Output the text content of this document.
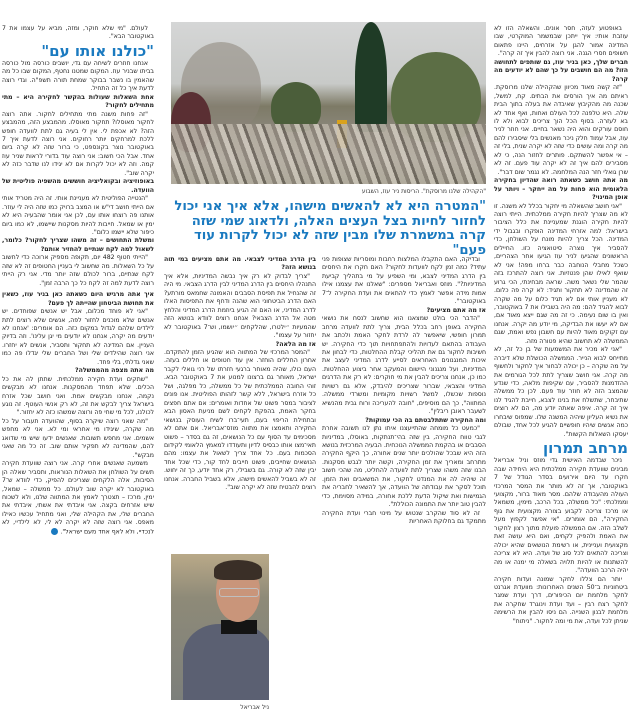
באופטוע לעזה, חסר אונים. והשאלה הזו לא עוזבת אותי: איך ייתכן שבמשמר המוקרטי, שבו המדינה אמור להגן על אזרחים, היינו פתאום חשופים חסרי הגנה. אני רוצה להבין איך זה קרה".

חברים שלך, כאן בניר עוז, גם שותפים לתחושה הזו? מה הם חושבים על כך שהם לא יודעים מה קרה?

"זה קשה מאוד מכיוון שהקהילה שלנו מרוסקת. ראיתם מה איך הורסים את הבתים. קח, למשל, שכנה מה מהקיבוץ שאיבדה את בעלה בתוך הבית שלה. היא טלפנה לכל העולם ואחות, ואף אחד לא בא לעזרה. בסוף הכל הוך צריכים לבוא ולא לו חוסם עורקים והוא היה נשאר בחיים. אני חוזר לניר עוז, אבל עמוד חלק ניכר מאנשים בלי שיסבירו להם מה קרה ומה עושים כדי שזה לא יקרה שנית, בלי זה – אי אפשר להשתקם. פותרים לחזור הנה, כי לא מסבירים להם איך זה לא יקרה עוד פעם. זה לא שרן גואלי חזר הנה המלחמה. לא נגמר שום דבר".

מה אתה חושב כשאתה רואה שהדיון בחקירה הלאומית הוא פחות על מה ייחקר – ויותר על אופן המינוי?

"אני חושב שהשאלה מי יחקור בכלל לא משנה. זו לא מה שצריך להיות חקירה ממלכתית. הייתי רוצה להיות חקירה הוגנת שמעניינת את כלל הציבור בישראל: למה אזרחי המדינה הופקרו ובגבול ידי המדינה. הכל צריך להיות מונח על השולחן, כדי להסביר איך נוצרה סיטואציה כזו. החיילים הראשונים שהגיעו לניר עוז הגיעו אחר הצהריים, כשכל מחבלי הנוחבה כבר ברחו מפה! אני לא שואף לאילו שהן פנטזיות. אני רוצה להתרכז בזה שהמר שלי נשאר משה. שראה מבחינתי, הכי גרוע זה שהמדינה לא תחקור ותגיד: לא קרה פה כלום. לא מעניין אותי אם לא תגיד כלום על מה שקרה לבוא להגיד להם: מה היה בשבילו את 7 באוקטובר, ואין בו שום נעימה. כי זה מה שגם ייצא מאוד אם, אם לא יעשו את הבדיקה, מי יודע מה יקרה. אנחנו עם זקוקים מאוד להיות עם חשבון נפש ואמת, שגם הממשלה לא תחשוב שהיא פטורה מזה.

"אני לא מכיר את המשמעות של בן כל זה, לא מתייחס לבוא הנייר. הממשלה הכושלת שלא דיברה על מה שקרה – כן יכולה לבחור איך לחקור ולחשוף מה קרה. אני חושב שצריך לתת לכל הגורמים את ההזדמנות להסביר, עם שקיפות מלאה, כדי שנדע שהמצב הזה לא חוזר עוד פעם. לכן כל ממשלה שתיבחר, שתשלח את בנינו לצבא, חייבת להגיד לנו איך זה קרה. איפה שאתה יודע מה, הם לא רוצים את נשיא העליון שיהיה המשנה שלו. שמפוס שיבחרו כמה אנשים שיהיו חופשיים להגיע לכל אחד, שבולם יעסקו השאלות הקשות".

מרחב תמרון

ניכר שבדמה האישית גדי מוזס וניל אבריאל מבינים שוועדת חקירה ממלכתית היא היחידה שבה חקרו עד היום אירועים בסדר הגודל של 7 באוקטובר, אך זה לא מותר את המסר המרכזי העולה מהעבודה שלהם. מסר מאוד ברור, מקצועי וממלכתי: "כל ממשלה, בכל הרכב, מימין, משמאל או מרכז צריכה לקבוע בצורה מקצועית את גוף החקירה", הם אומרים. "אי אפשר לקפוץ מעל לשלב הזה. אם הממשלה פועלת מתוך רצון לחקור את האמת ולהפיק לקחים, ואם היא עושה זאת מקצועית ועניינית, או רשימת הנושאים שהיא יכולה וצריכה להתאים לכל סוג של ועדה. היא לא צריכה להשתנות או להיות תלויה בשאלה מי ימנה או מה יהיה הרכב הוועדה".

יותר הם צללו לחקר שמונה ועדות חקירה ביטחוניות ב־50 השנים האחרונות: מוועדת אגרנט לחקר מלחמת יום הכיפורים, דרך ועדת שמגר לחקר רצח רבין – ועד ועדת וינוגרד שחקרה את מלחמת לבנון השנייה. הם ניסו להבין את הרשימה שניתן לכל ועדה, את מי ומה לחקור. "ניתוח"

ובדיקה, האם התקבלו המלצות רחבות ומוסריות שצופות פני עתיד? כמה זמן לקח לוועדות לחקור? האם חקרו את היחסים בין הדרג המדיני לצבא, ומי השפיע על מי בתהליך קביעת המדיניות?". מוזס ואבריאל מספרים: "שאלנו את עצמנו אילו אמות מידה אפשר לאמץ כדי להתאים את ועדת החקירה ל־7 באוקטובר".

אז מה אתם מציעים?

"הדבר הכי בולט שמצאנו הוא שחשוב לנסח את נושאי החקירה באופן רחב בכלל הבית, צריך לתת לוועדה מרחב תמרון חופשי, שיאפשר לה לרדת לחקר האמת ולכתב את העבודה בהתאם לעדויות ולהתפתחויות תוך כדי החקירה. יש חשיבות לחקור גם את תהליכי קבלת ההחלטות, כדי לבחון את איכות המנגנונים האחראים לסייע לדרג המדיני לעצב את המדיניות, ועל מנגנוני היישום והמעקב אחר ביצוע ההחלטות. כמו כן, אנחנו צריכים להבין את מי חוקרים: לא רק את הדרגים המדיני והצבאי, שברור שצריכים להיבדק, אלא גם רשויות נוספות שכשלו, למשל רשויות מקומיות ומשרדי ממשלה. המתווה", כך הם מוסיפים, "חובה להעריכה ורוח גבית מהנשיא לשעבר ראובן ריבלין".

ומה החקירה שתתלבטתם בה הכי עמוקות?

"כמעט כל מומחה שהתייעצנו איתו נתן לנו תשובה אחרת לגבי טווח החקירה, בין שזה בהי־תנתקות, באוסלו, במדיניות הסבבים או בהקמת הממשלה הנוכחית. הבעיה המרכזית בנושא הזה היא שבכל שהולכים יותר שנים אחורה, כך היקף החקירה מתרחב ומאריך את זמן החקירה, וקשה יותר לגבש מסקנות. הבנו שזה משהו שצריך לתת לוועדה להחליט, מה שהכי חשוב זה שיהיה לה את המנדט לחקור, את המשאבים ואת הזמן. תוכל לסקר את עבודתה של הוועדה, אך להשאיר לחבריה את הגמישות ואת שיקול הדעת ללכת אחורה, במידה מסוימת, כדי להבין טוב יותר את התמונה הכוללת".

זה לא סוד שהקרב שנטוש על מינוי חברי ועדת החקירה מתמקד גם בחלוקת האחריות

בין הדרג המדיני לצבאי. מה אתם מציעים במי תוה בנושא הזה?

"צריך לבדוק לא רק איך נבשה המדיניות, אלא איך התנהלו היחסים בין הדרג המדיני לבין הדרג הצבאי. מי היה זה שהנחיל את תפיסת הסבבים והאמונה שחמאס מורתע? האם הדרג הביטחוני הוא שהנה ודחף את התפיסות האלו לדרג המדיני, או האם זה הגיע ביוזמת הדרג המדיני והלחץ מטה אל הדרג הצבאי? אנחנו רוצים לוודא בנושא הזה שהמעיות ״ילטרו, שהלקחים ״יושמו, וש־7 באוקטובר לא יחזור על עצמו".

אז מה הלאה?

"המסר המרכזי של המתווה הוא שהגיע הזמן להתקדם. אחרון החללים הוחזר. אין עוד חטופים או חללים בעזה. העם כולו, שהיה מאוחר ברגעי חזרתו של רני גואלי לקבר ישראל, מאוחר גם ברצונו למנוע את 7 באוקטובר הבא. זוהי החובה הממלכתית של כל ממשלה, כל מפלגה, ושל כל אזרח בישראל, ללא קשר לזהותו הפוליטית. אנו פונים לציבור במסר פשוט של אחדות ואומרים: אם אתם חפצים בחקר האמת, בהפקת לקחים לשם מניעת האסון הבא ובתחילת הריפוי בעם, תעי־ברו לשיח העוסק בנושאי החקירה ותאמצו את מתווה מוזס־אבריאל. אם אתם לא מסכימים עד הסוף עם כל הנושאים, זה גם בסדר – פשוט תאי־מצו אותו כבסיס לדיון ותעודדו למאמץ הלאומי לקידום הסכמות בעם. כל אחד צריך לשאול את עצמו: מהם הנושאים שחייבים, פשוט חייבים לחד קור, כדי שכל אחד יבין שזה לא קורה. גם בשבילי, רק אחד יודע, כך זה יחוש. זה לא בשביל להאשים מישהו, אלא בשביל החברה. אנחנו רוצים להבטיח שזה לא יקרה שוב".

לעולם. "מי שלא חוקר, ומזה, מביא על עצמו את 7 באוקטובר הבא".

"כולנו אותו עם"

אנחנו חוזרים לשיחה עם גדי, יושבים כורסה מול כורסה בביתו שבניר עוז. המקום שמטנו נחטף, המקום שבו כל מה שהאמין בו נשבר בבוקר שמחת תורה תשפ"ה. וגדי רוצה לדעת איך כל זה התחיל.

אחת השאלות שעולות בהקשר לחקירה היא – מתי מתחילים לחקור?

"זה פחות משנה מתי מתחילים לחקור. אתה רוצה לחקור מאוסלו? תחקור מאוסלו. מהמבצע הזה, מהמבצע הזה? לא אכפת לי. אין לי בעיה גם לתת לוועדה חופש ללכת למרחקים יותר רחוקים. אני רוצה לדעת איך 7 באוקטובר נוצר בקונספט, כי ברור שזה לא קרה ביום אחד. אבל הכי חשוב: אני רוצה עוד בדורי לראות שניר עוז קמה. וזה לא יכול לקרות אם לא יגידו לנו שדבר כזה לא יקרה שוב".

באופוזיציה ובקואליציה חוששים מהשפיה פוליטית של הוועדה.

"הנטייה הפוליטית לא מעניינת אותי. זה היה מטריד אותי אם הייתי חושב די"ש או המצב ברויק כמו שזה היה לי עוזר. אותנו פה רוצחו אותו עם, לכן אני אומר שהבעיה היא לא ימין או שמאל. חייבות להיות מסקנות שיישמו, לא כמו ביום כיפור שלא יישמו כלום".

ומשלת התחושים – זה משהו שצריך לחקור? כלומר, לשאול למה לקח שנתיים להחזיר אותם?

"הייתי חטוף 482 יום, תקופה מספיק ארוכה כדי לחשוב על כל השאלות. מה שחשוב לי בעניין החטופים זה לא שזה לקח שנתיים, ברור לכולם שזה יותר מדי. אני רק הייתי רוצה לדעת למה זה לקח כל כך הרבה זמן".

איך אתה מרגיש היום כשאתה כאן בניר עוז, כשאין את תחושת הביטחון שהייתה לך פעם?

"אני לא פוחד מכלום, אבל יש אנשים שפוחדים. יש אנשים שלא מוכנים לחזור לפה, אנשים שלא רוצים לתת לילדים שלהם לגדול במקום כזה. הם אומרים: 'אנחנו לא יודעים מה יקרה, אנחנו לא יודעים מי יגן עלינו'. וזה בדיוק העניין. אם המדינה לא תחקור ותסביר, אנשים לא יחזרו. אני רוצה שהילדים שלי ושל החברים שלי יגדלו פה כמו שאני גדלתי, בלי פחד.

מה אתה מצפה מהממשלה?

"שתקים ועדת חקירה ממלכתית. שתתן לה את כל הכלים. שלא תפחד מהמסקנות. אנחנו לא מבקשים נקמה, אנחנו מבקשים אמת. ואני חושב שכל אזרח בישראל צריך לבקש את זה, לא רק אנשי העוטף. זה נוגע לכולנו, לכל מי שחי פה ורוצה שמשהו כזה לא יחזור."

"מה שאני רוצה שיקרה בסוף, שהוועדה תעבור על כל מה שקרה, שיגידו מי אחראי ומי לא. אני לא מחפש אשמים. אני מחפש תשובות. שאנשים ידעו שיש מי שדואג להם, שהמדינה לא תפקיר אותם שוב. זה כל מה שאני מבקש".

משמעה שאנשים אחרי קרה. אני רוצה שוועדת חקירה תשים על השולחן את השאלות הנוראות, ותסביר שאלה הן הסיבות, אלה הלקחים שצריכים להפיק, כדי לוודא ש־7 באוקטובר לא יקרה שוב לעולם. כל ממשלה – שמאל, ימין, מרכז – תצטרך לאמץ את המתווה שלנו, ולא לשכוח שיש אזרחים בקצה. אני איבדתי את אשתי, איבדתי את החברים שלי, את הקהילה שלי, ואני מתחיל עכשיו כאילו מאפס. אני רוצה שזה לא יקרה לא לי, לא לילדיי, לא לנכדיי, ולא לאף אחד מעם ישראל".

"הקהילה שלנו מרוסקת". הריסות ניר עוז, השבוע
"המטרה היא לא להאשים מישהו, אלא איך אני יכול לחזור לחיות בצל העצים האלה, ולדאוג שמי שזה קרה במשמרת שלו מבין שזה לא יכול לקרות עוד פעם"
ניל אבריאל
